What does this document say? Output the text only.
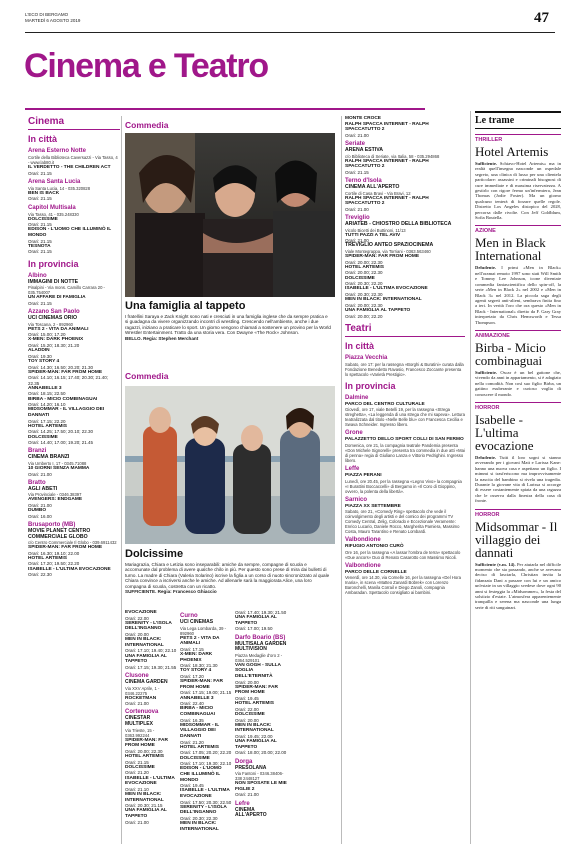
L'ECO DI BERGAMO
MARTEDÌ 6 AGOSTO 2019	47
Cinema e Teatro
Cinema
In città
Arena Esterno Notte
Cortile della Biblioteca Caversazzi - Via Tasso, 4 - www.lab80.it
IL VERDETTO - THE CHILDREN ACT
Orari: 21.15
Arena Santa Lucia
Via Santa Lucia, 14 - 035.320828
BEN IS BACK
Orari: 21.15
Capitol Multisala
Via Tasso, 41 - 035.248330
DOLCISSIME
Orari: 21.15
EDISON - L'UOMO CHE ILLUMINÒ IL MONDO
Orari: 21.15
TESNOTA
Orari: 21.15
In provincia
Albino
IMMAGINI DI NOTTE
Pinalpini - Via mons. Camillo Carrara 20 - 035.754007
UN AFFARE DI FAMIGLIA
Orari: 21.15
Azzano San Paolo
UCI CINEMAS ORIO
Via Toscana, 2 - 892960
PETS 2 - VITA DA ANIMALI
Orari: 15.00; 17.20
X-MEN: DARK PHOENIX
Orari: 15.20; 18.30; 21.20
ALADDIN
Orari: 19.30
TOY STORY 4
Orari: 14.30; 16.50; 20.20; 21.30
SPIDER-MAN: FAR FROM HOME
Orari: 14.10; 16.15; 17.40; 20.30; 21.40; 22.35
ANNABELLE 3
Orari: 18.15; 22.50
BIRBA - MICIO COMBINAGUAI
Orari: 14.20; 16.10
MIDSOMMAR - IL VILLAGGIO DEI DANNATI
Orari: 17.15; 22.20
HOTEL ARTEMIS
Orari: 14.25; 17.50; 20.10; 22.30
DOLCISSIME
Orari: 14.40; 17.00; 19.20; 21.45
Branzi
CINEMA BRANZI
Via Umberto I, 17 - 0345.71088
10 GIORNI SENZA MAMMA
Orari: 21.00
Bratto
AGLI ABETI
Via Provinciale - 0346.38397
AVENGERS: ENDGAME
Orari: 21.00
DUMBO
Orari: 16.00
Brusaporto (MB)
MOVIE PLANET CENTRO COMMERCIALE GLOBO
c/o Centro Commerciale Il Globo - 039.6911432
SPIDER-MAN: FAR FROM HOME
Orari: 16.30; 19.10; 22.00
HOTEL ARTEMIS
Orari: 17.20; 19.50; 22.20
ISABELLE - L'ULTIMA EVOCAZIONE
Orari: 22.30
Commedia
Una famiglia al tappeto
I fratellini Saraya e Zack Knight sono nati e cresciuti in una famiglia inglese che da sempre pratica e si guadagna da vivere organizzando incontri di wrestling. Crescendo nell'ambiente, anche i due ragazzi, iniziano a praticare lo sport. Un giorno vengono chiamati a sostenere un provino per la World Wrestler Entertainment. Tratto da una storia vera. Con Dwayne «The Rock» Johnson.
BELLO. Regia: Stephen Merchant
Commedia
Dolcissime
Mariagrazia, Chiara e Letizia sono inseparabili: amiche da sempre, compagne di scuola e accomunate dal problema di avere qualche chilo in più. Per questo sono prese di mira dai bulletti di turno. La madre di Chiara (Valeria Solarino) iscrive la figlia a un corso di nuoto sincronizzato al quale Chiara convince a iscriversi anche le amiche. Ad allenarle sarà la maggiorata Alice, una loro compagna di scuola, costretta con un ricatto.
SUFFICIENTE. Regia: Francesco Ghiaccio
EVOCAZIONE
Orari: 22.00
SERENITY - L'ISOLA DELL'INGANNO
Orari: 20.00
MEN IN BLACK: INTERNATIONAL
Orari: 17.10; 19.40; 22.10
UNA FAMIGLIA AL TAPPETO
Orari: 17.15; 19.30; 21.55
Clusone
CINEMA GARDEN
Via XXV Aprile, 1 - 0346.22275
ROCKETMAN
Orari: 21.00
Cortenuova
CINESTAR MULTIPLEX
Via Trieste, 15 - 0363.992244
SPIDER-MAN: FAR FROM HOME
Orari: 20.00; 22.30
HOTEL ARTEMIS
Orari: 21.15
DOLCISSIME
Orari: 21.20
ISABELLE - L'ULTIMA EVOCAZIONE
Orari: 21.10
MEN IN BLACK: INTERNATIONAL
Orari: 20.30; 21.15
UNA FAMIGLIA AL TAPPETO
Orari: 21.00
Curno
UCI CINEMAS
Via Lega Lombarda, 39 - 892960
PETS 2 - VITA DA ANIMALI
Orari: 17.15
X-MEN: DARK PHOENIX
Orari: 18.30; 21.30
TOY STORY 4
Orari: 17.20
SPIDER-MAN: FAR FROM HOME
Orari: 17.15; 19.00; 21.15
ANNABELLE 3
Orari: 22.40
BIRBA - MICIO COMBINAGUAI
Orari: 16.35
MIDSOMMAR - IL VILLAGGIO DEI DANNATI
Orari: 21.20
HOTEL ARTEMIS
Orari: 17.05; 20.20; 22.20
DOLCISSIME
Orari: 17.10; 19.30; 22.10
EDISON - L'UOMO CHE ILLUMINÒ IL MONDO
Orari: 19.45
ISABELLE - L'ULTIMA EVOCAZIONE
Orari: 17.50; 20.30; 22.50
SERENITY - L'ISOLA DELL'INGANNO
Orari: 20.30; 22.30
MEN IN BLACK: INTERNATIONAL
Orari: 17.40; 19.30; 21.50
UNA FAMIGLIA AL TAPPETO
Orari: 17.00; 19.50
Darfo Boario (BS)
MULTISALA GARDEN MULTIVISION
Piazza Medaglie d'oro 2 - 0364.529101
VAN GOGH - SULLA SOGLIA DELL'ETERNITÀ
Orari: 20.00
SPIDER-MAN: FAR FROM HOME
Orari: 19.45
HOTEL ARTEMIS
Orari: 22.00
DOLCISSIME
Orari: 20.00
MEN IN BLACK: INTERNATIONAL
Orari: 19.45; 22.00
UNA FAMIGLIA AL TAPPETO
Orari: 18.00; 20.00; 22.00
Dorga
PRESOLANA
Via Fantoni - 0346.38406-338 2448127
NON SPOSATE LE MIE FIGLIE 2
Orari: 21.00
Lefre
CINEMA ALL'APERTO
MONTE CROCE
RALPH SPACCA INTERNET - RALPH SPACCATUTTO 2
Orari: 21.00
Seriate
ARENA ESTIVA
c/o Biblioteca di Seriate, via Italia, 58 - 035.294868
RALPH SPACCA INTERNET - RALPH SPACCATUTTO 2
Orari: 21.15
Terno d'Isola
CINEMA ALL'APERTO
Cortile di Casa Bravi - Via Bravi, 12
RALPH SPACCA INTERNET - RALPH SPACCATUTTO 2
Orari: 21.00
Treviglio
ARIATEB - CHIOSTRO DELLA BIBLIOTECA
Vicolo Bicetti dei Buttinoni, 11/13
TUTTI PAZZI A TEL AVIV
Orari: 21.00
TREVIGLIO ANTEO SPAZIOCINEMA
Viale Montegrappa, via Torriani - 0363.563460
SPIDER-MAN: FAR FROM HOME
Orari: 20.00; 22.30
HOTEL ARTEMIS
Orari: 20.00; 22.30
DOLCISSIME
Orari: 20.30; 22.20
ISABELLE - L'ULTIMA EVOCAZIONE
Orari: 20.30; 22.30
MEN IN BLACK: INTERNATIONAL
Orari: 20.00; 22.30
UNA FAMIGLIA AL TAPPETO
Orari: 20.00; 22.20
Teatri
In città
Piazza Vecchia
Sabato, ore 17: per la rassegna «Borghi & Buratini» curata dalla Fondazione Benedetto Ravasio, Francesco Zoccante presenta lo spettacolo «Varietà Prestigio».
In provincia
Dalmine
PARCO DEL CENTRO CULTURALE
Giovedì, ore 17, viale Betelli 19, per la rassegna «Strega streghetta», «La leggenda di una strega che mi sapeva». Lettura teatralizzata dal titolo «Nelle Belle blu» con Francesca Cecilia e Swava Schneider. Ingresso libero.
Grone
PALAZZETTO DELLO SPORT COLLI DI SAN FERMO
Domenica, ore 21, la compagnia teatrale Pandemia presenta «Don Michele Signorelli» presenta tra commedia in due atti «Mai di penna» regia di Giuliano Lanza e Vittorio Pedrighini. Ingresso libero.
Leffe
PIAZZA PERANI
Lunedì, ore 20.45, per la rassegna «Legno Vivo» la compagnia «I Burattini Boccaccelli» di Bergamo in «Il Coro di Gioppino, ovvero, la polenta della libertà».
Sarnico
PIAZZA XX SETTEMBRE
Sabato, ore 21, «Comedy Ring» spettacolo che vede il coinvolgimento degli artisti e del comico dei programmi TV Comedy Central, Zelig, Colorado e Eccezionale Veramente: Enrico Lucario, Daniele Rocco, Margherita Pamiera, Massimo Costa, Mauro Tarantino e Renato Lombardi.
Valbondione
RIFUGIO ANTONIO CURÒ
Ore 16, per la rassegna «A lassar l'ombra de terra» spettacolo «Due ancors» Duo di Renato Casarotto con Massimo Nicoli.
Valbondione
PARCO DELLE CORNELLE
Venerdì, ore 14.30, via Cornelle 16, per la rassegna «Del Hora Inaria», in scena «Matteo Zanardi Bobrek» con Lorenzo Baronchelli, Manila Corrail e Diego Zanoli, compagnia Ambaradan. Spettacolo consigliato ai bambini.
Le trame
THRILLER
Hotel Artemis
Sufficiente. Schiavo-Hotel Artemis» ma in realtà quell'insegna nasconde un ospedale segreto, una clinica di lusso per una clientela particolare: assassini e criminali bisognosi di cure immediate e di massima riservatezza. A gestirlo con rigore fermo un'infermiera, Jean Thomas (Jodie Foster). Ma un giorno qualcuno tenterà di forzare quelle regole. Distretto Los Angeles distopico del 2028, percorsa dalle rivolte. Con Jeff Goldblum, Sofia Boutella.
AZIONE
Men in Black International
Deludente. I primi «Men in Black» nell'oramai remoto 1997 sono stati Will Smith e Tommy Lee Johnson, icone diventate commedia fantascientifica dello spin-off, la serie «Men in Black 2» nel 2002 e «Men in Black 3» nel 2012. La piccola saga degli agenti segreti anti-alieni, sembrava finita fino a ieri. In verità l'oro che ora questo «Men in Black - International» diretto da F. Gary Gray interpretato da Chris Hemsworth e Tessa Thompson.
ANIMAZIONE
Birba - Micio combinaguai
Sufficiente. Oscar è un bel gattone che, vivendo da anni in appartamento, si è adagiato nella comodità. Non così suo figlio Birba, un gattino esuberante e curioso voglia di conoscere il mondo.
HORROR
Isabelle - L'ultima evocazione
Deludente. Tutti il loro sogni si stanno avverando per i giovani Matt e Larissa Kane: hanno una nuova casa e aspettano un figlio. I mimmi si trasferiscono ma improvvisamente la nascita del bambino si rivela una tragedia. Durante la giovane vita di Larissa si accorge di essere costantemente spiata da una ragazza che le osserva dalla finestra della casa di fronte.
HORROR
Midsommar - Il villaggio dei dannati
Sufficiente (v.m. 14). Per aiutarla nel difficile momento che sta passando, anche se avevano deciso di lasciarla, Christian invita la fidanzata Dani a passare con lui e un amico un'estate in un villaggio svedese dove ogni 90 anni si festeggia la «Midsommer», la festa del solstizio d'estate. L'atmosfera apparentemente tranquilla e serena ma nasconde una lunga serie di riti sanguinari.
